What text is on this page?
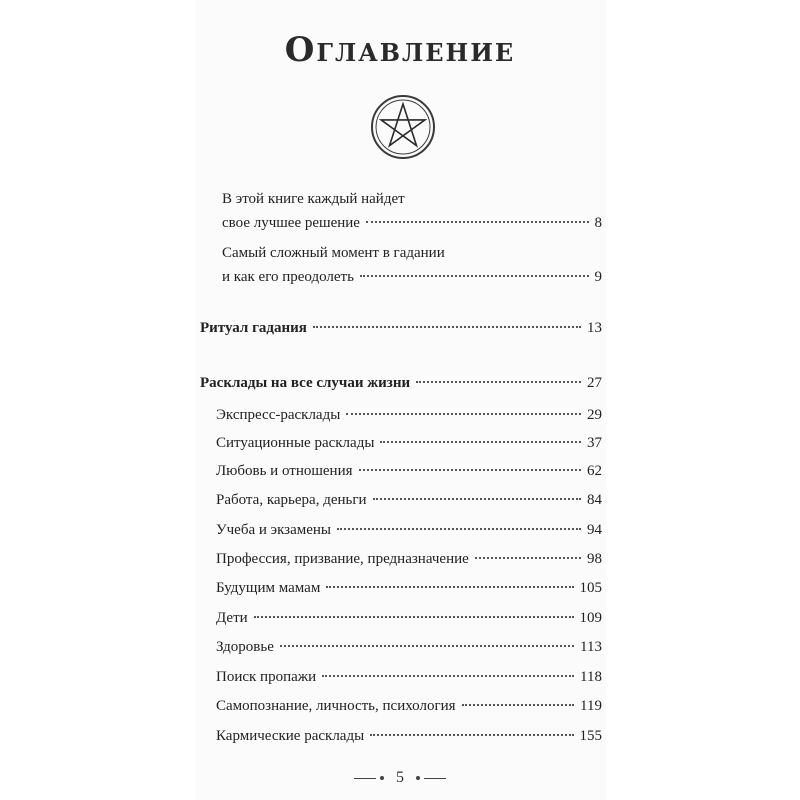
Оглавление
В этой книге каждый найдет
свое лучшее решение	8
Самый сложный момент в гадании
и как его преодолеть	9
Ритуал гадания	13
Расклады на все случаи жизни	27
Экспресс-расклады	29
Ситуационные расклады	37
Любовь и отношения	62
Работа, карьера, деньги	84
Учеба и экзамены	94
Профессия, призвание, предназначение	98
Будущим мамам	105
Дети	109
Здоровье	113
Поиск пропажи	118
Самопознание, личность, психология	119
Кармические расклады	155
5
